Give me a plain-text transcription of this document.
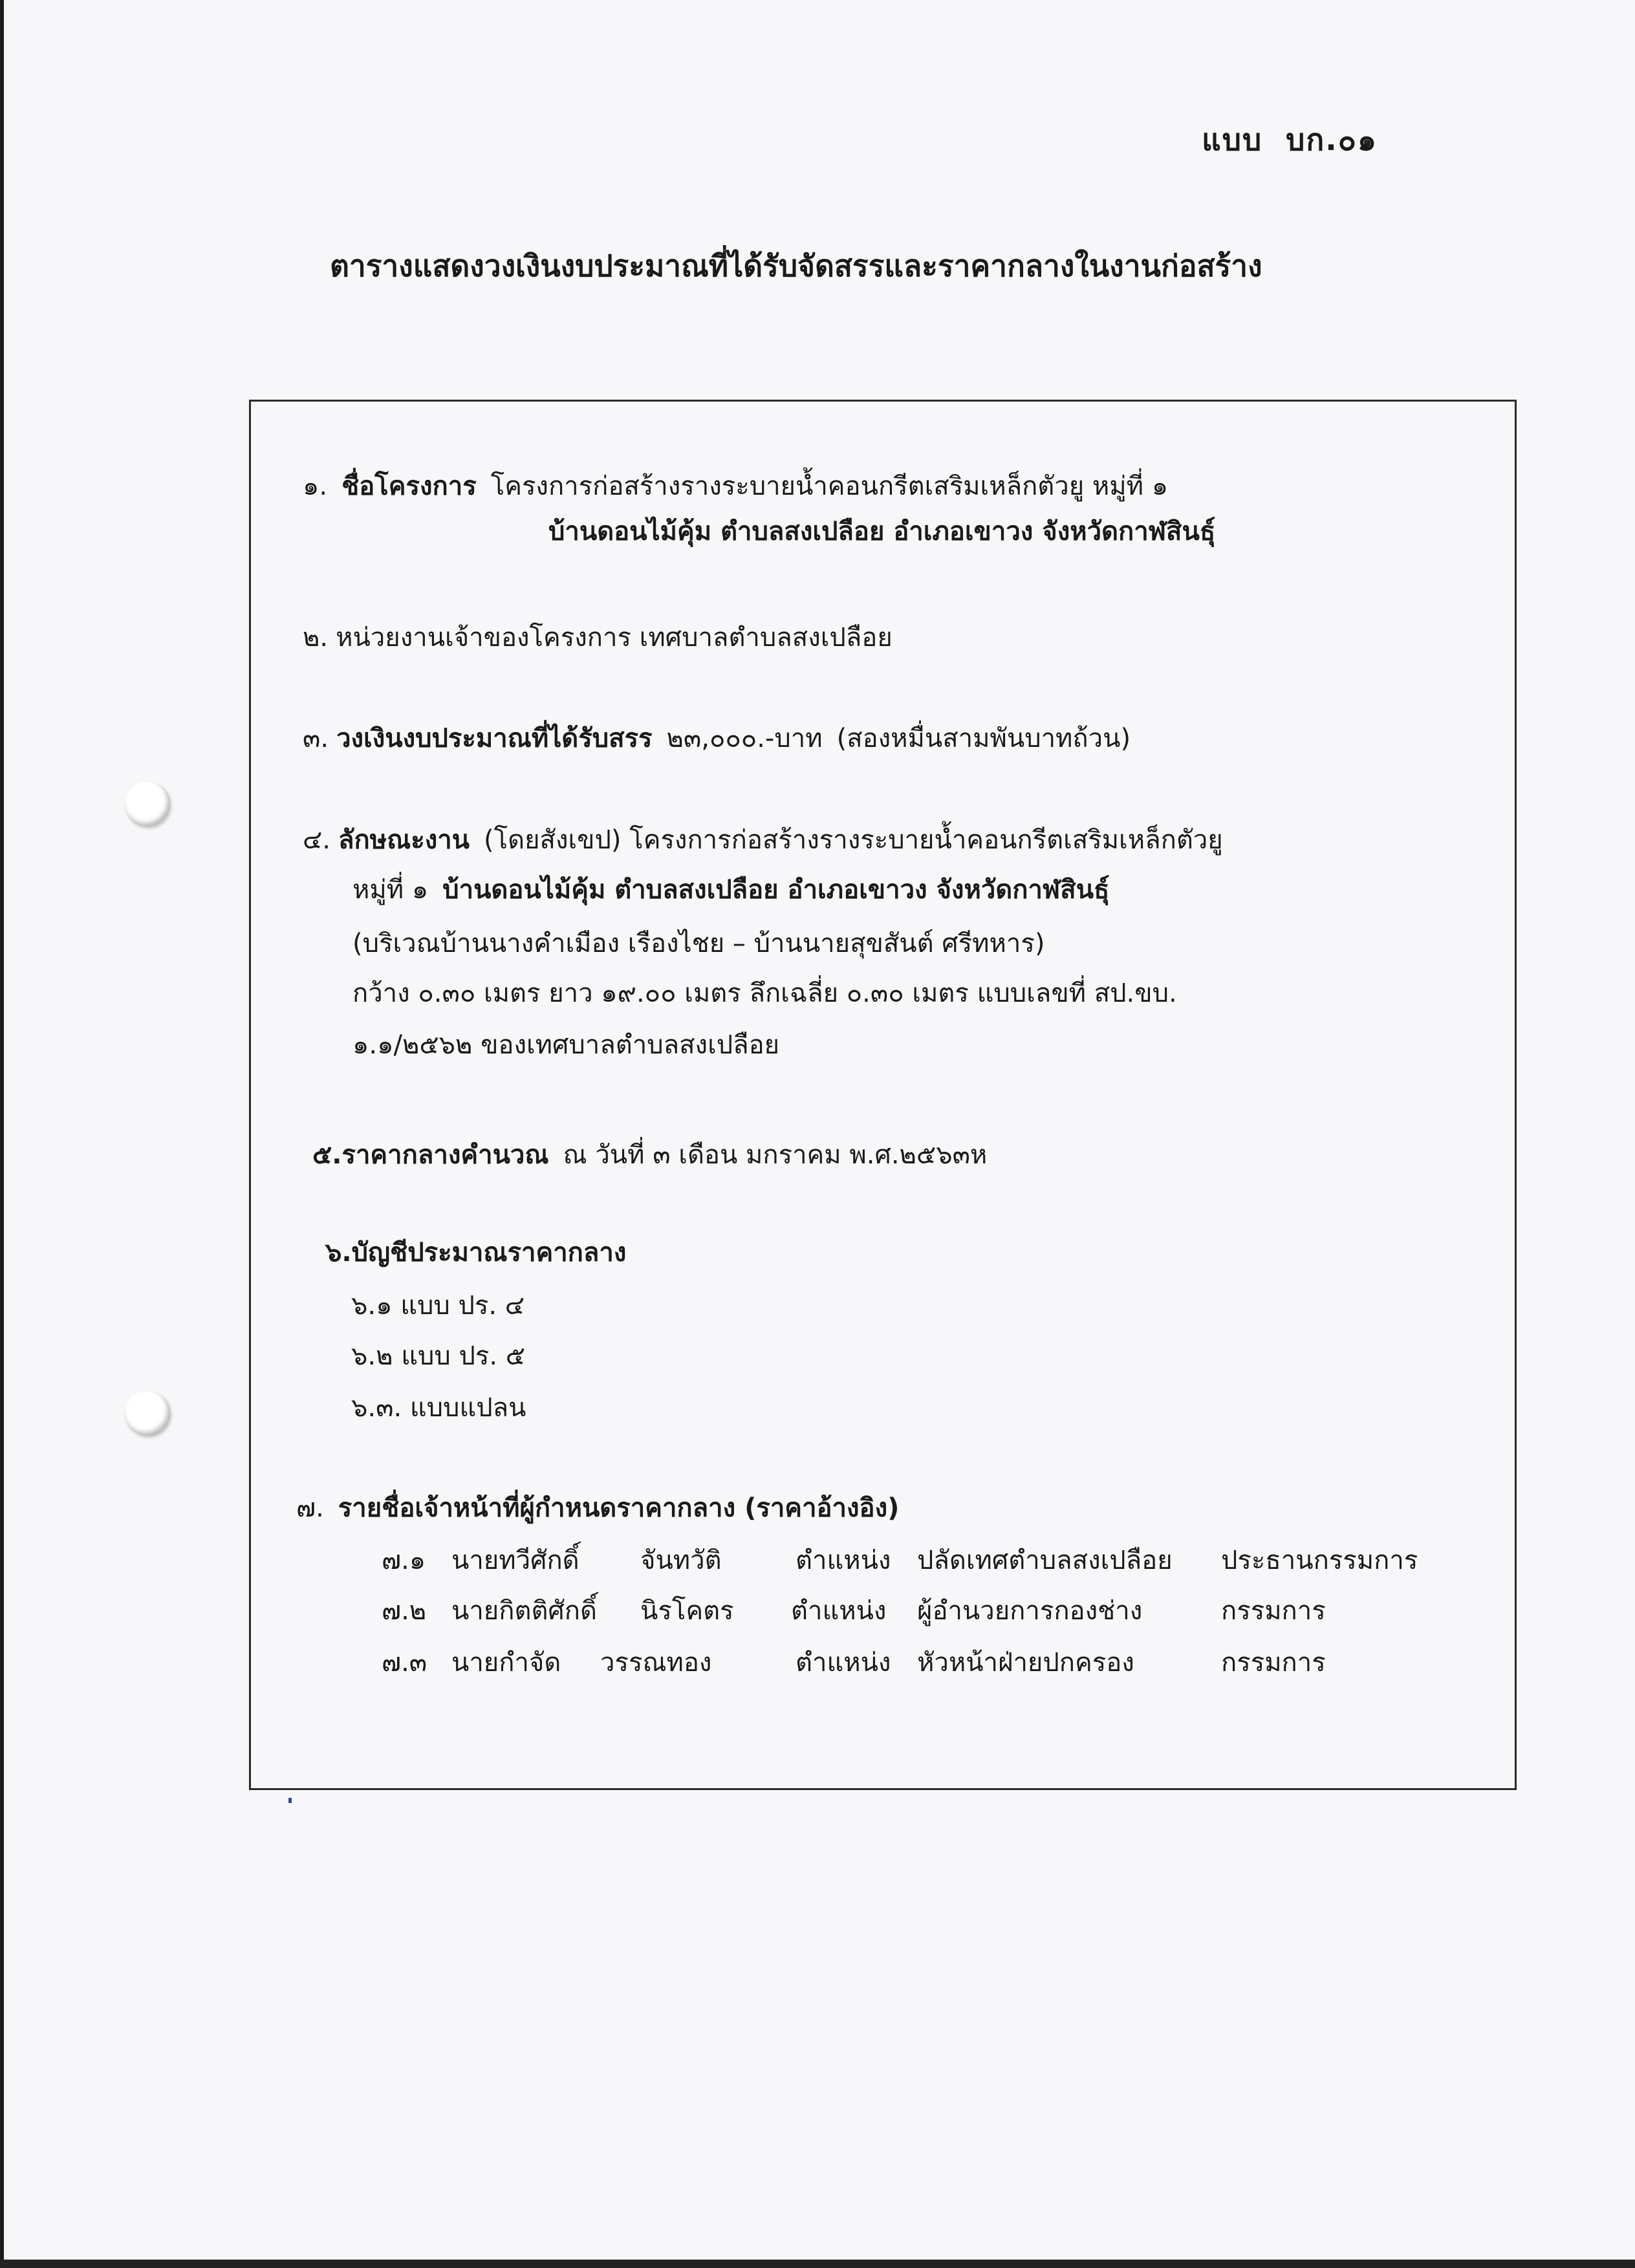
แบบ  บก.๐๑
ตารางแสดงวงเงินงบประมาณที่ได้รับจัดสรรและราคากลางในงานก่อสร้าง
๑. ชื่อโครงการ โครงการก่อสร้างรางระบายน้ำคอนกรีตเสริมเหล็กตัวยู หมู่ที่ ๑
บ้านดอนไม้คุ้ม ตำบลสงเปลือย อำเภอเขาวง จังหวัดกาฬสินธุ์
๒. หน่วยงานเจ้าของโครงการ เทศบาลตำบลสงเปลือย
๓. วงเงินงบประมาณที่ได้รับสรร ๒๓,๐๐๐.-บาท (สองหมื่นสามพันบาทถ้วน)
๔. ลักษณะงาน (โดยสังเขป) โครงการก่อสร้างรางระบายน้ำคอนกรีตเสริมเหล็กตัวยู
หมู่ที่ ๑ บ้านดอนไม้คุ้ม ตำบลสงเปลือย อำเภอเขาวง จังหวัดกาฬสินธุ์
(บริเวณบ้านนางคำเมือง เรืองไชย – บ้านนายสุขสันต์ ศรีทหาร)
กว้าง ๐.๓๐ เมตร ยาว ๑๙.๐๐ เมตร ลึกเฉลี่ย ๐.๓๐ เมตร แบบเลขที่ สป.ขบ.
๑.๑/๒๕๖๒ ของเทศบาลตำบลสงเปลือย
๕.ราคากลางคำนวณ ณ วันที่ ๓ เดือน มกราคม พ.ศ.๒๕๖๓ห
๖.บัญชีประมาณราคากลาง
๖.๑ แบบ ปร. ๔
๖.๒ แบบ ปร. ๕
๖.๓. แบบแปลน
๗. รายชื่อเจ้าหน้าที่ผู้กำหนดราคากลาง (ราคาอ้างอิง)
๗.๑ นายทวีศักดิ์ จันทวัติ	ตำแหน่ง ปลัดเทศตำบลสงเปลือย ประธานกรรมการ
๗.๒ นายกิตติศักดิ์ นิรโคตร ตำแหน่ง ผู้อำนวยการกองช่าง	กรรมการ
๗.๓ นายกำจัด วรรณทอง	ตำแหน่ง หัวหน้าฝ่ายปกครอง	กรรมการ
